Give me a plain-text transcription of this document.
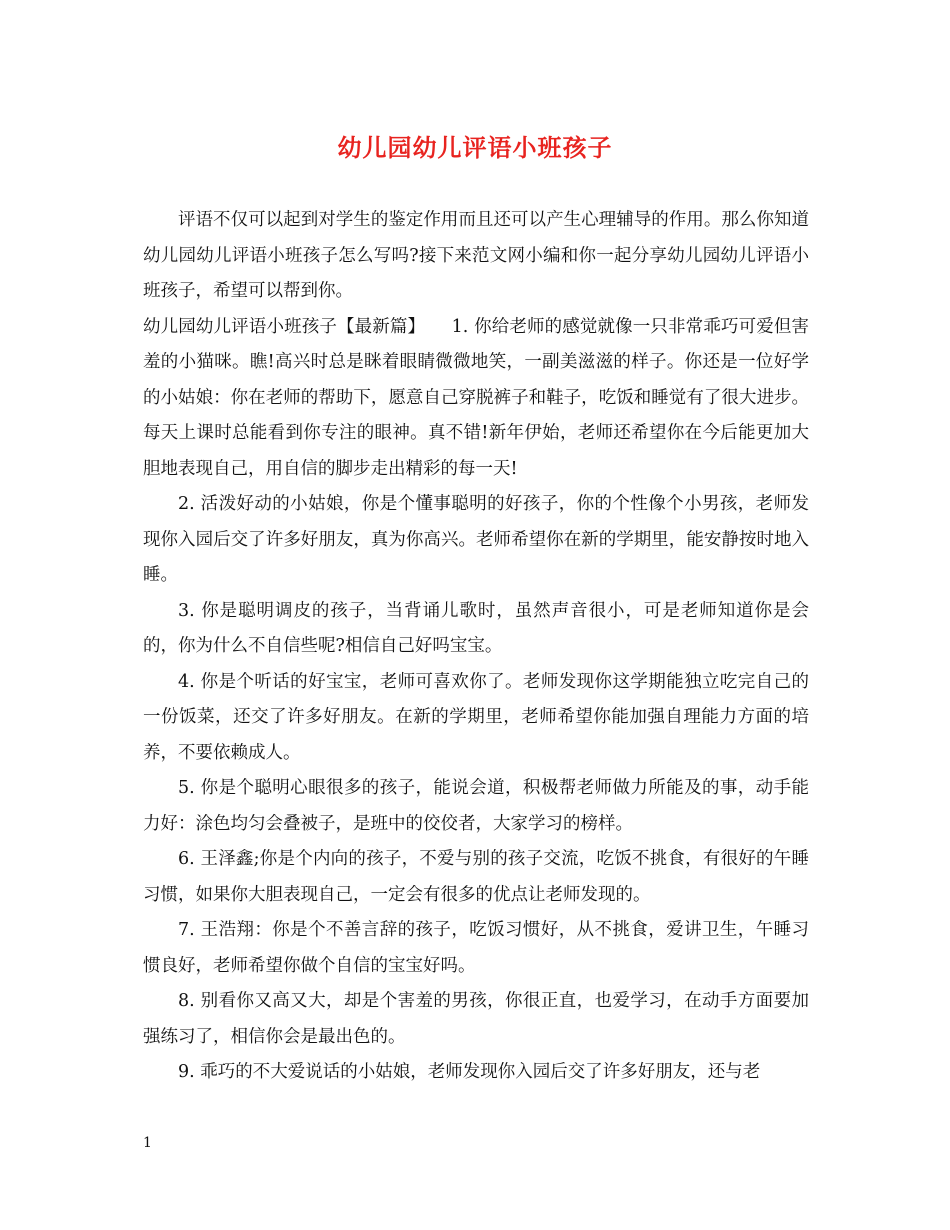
幼儿园幼儿评语小班孩子

评语不仅可以起到对学生的鉴定作用而且还可以产生心理辅导的作用。那么你知道幼儿园幼儿评语小班孩子怎么写吗?接下来范文网小编和你一起分享幼儿园幼儿评语小班孩子，希望可以帮到你。

幼儿园幼儿评语小班孩子【最新篇】　　1. 你给老师的感觉就像一只非常乖巧可爱但害羞的小猫咪。瞧!高兴时总是眯着眼睛微微地笑，一副美滋滋的样子。你还是一位好学的小姑娘：你在老师的帮助下，愿意自己穿脱裤子和鞋子，吃饭和睡觉有了很大进步。每天上课时总能看到你专注的眼神。真不错!新年伊始，老师还希望你在今后能更加大胆地表现自己，用自信的脚步走出精彩的每一天!

2. 活泼好动的小姑娘，你是个懂事聪明的好孩子，你的个性像个小男孩，老师发现你入园后交了许多好朋友，真为你高兴。老师希望你在新的学期里，能安静按时地入睡。

3. 你是聪明调皮的孩子，当背诵儿歌时，虽然声音很小，可是老师知道你是会的，你为什么不自信些呢?相信自己好吗宝宝。

4. 你是个听话的好宝宝，老师可喜欢你了。老师发现你这学期能独立吃完自己的一份饭菜，还交了许多好朋友。在新的学期里，老师希望你能加强自理能力方面的培养，不要依赖成人。

5. 你是个聪明心眼很多的孩子，能说会道，积极帮老师做力所能及的事，动手能力好：涂色均匀会叠被子，是班中的佼佼者，大家学习的榜样。

6. 王泽鑫;你是个内向的孩子，不爱与别的孩子交流，吃饭不挑食，有很好的午睡习惯，如果你大胆表现自己，一定会有很多的优点让老师发现的。

7. 王浩翔：你是个不善言辞的孩子，吃饭习惯好，从不挑食，爱讲卫生，午睡习惯良好，老师希望你做个自信的宝宝好吗。

8. 别看你又高又大，却是个害羞的男孩，你很正直，也爱学习，在动手方面要加强练习了，相信你会是最出色的。

9. 乖巧的不大爱说话的小姑娘，老师发现你入园后交了许多好朋友，还与老

1
